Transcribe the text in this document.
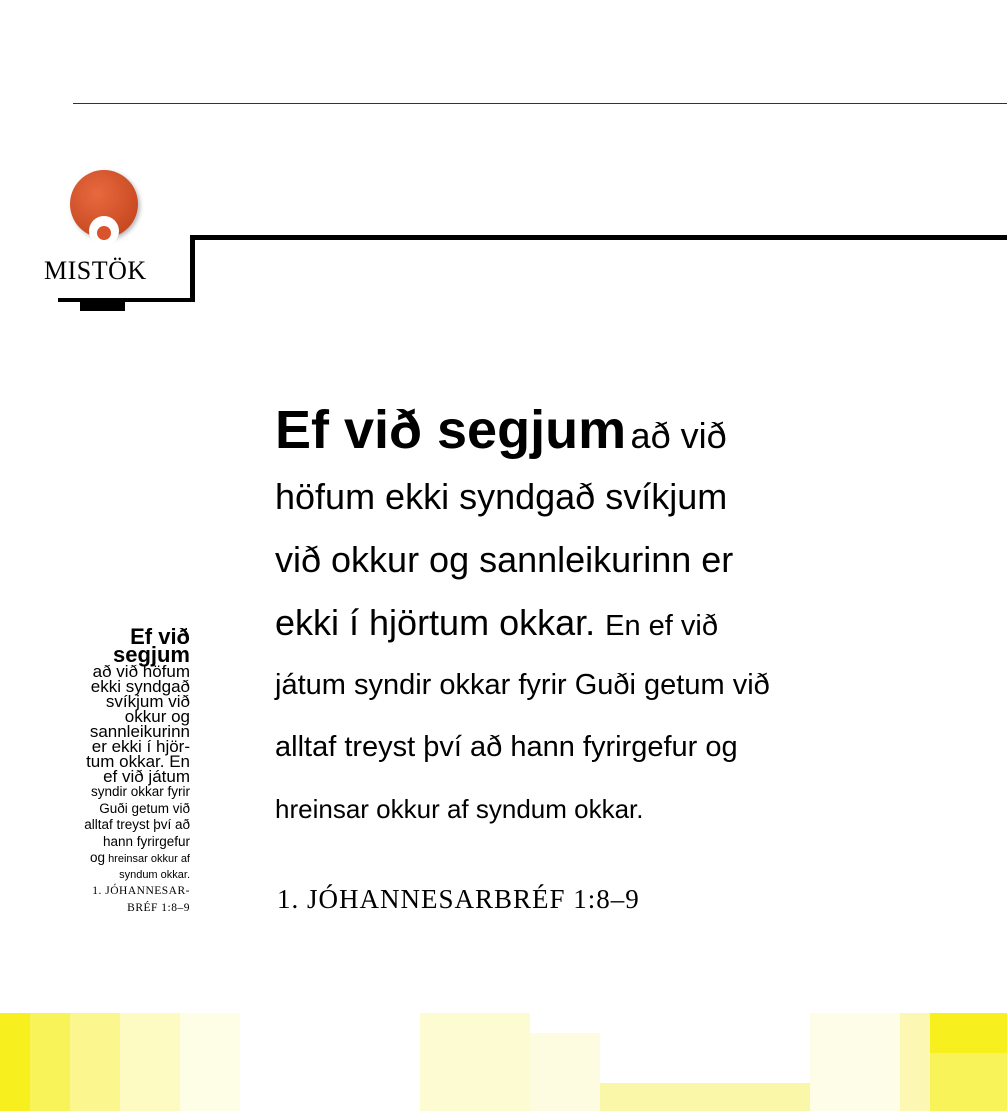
MISTÖK
Ef við segjum að við
höfum ekki syndgað svíkjum
við okkur og sannleikurinn er
ekki í hjörtum okkar. En ef við
játum syndir okkar fyrir Guði getum við
alltaf treyst því að hann fyrirgefur og
hreinsar okkur af syndum okkar.
1. JÓHANNESARBRÉF 1:8–9
Ef við
segjum
að við höfum
ekki syndgað
svíkjum við
okkur og
sannleikurinn
er ekki í hjör-
tum okkar. En
ef við játum
syndir okkar fyrir
Guði getum við
alltaf treyst því að
hann fyrirgefur
og hreinsar okkur af
syndum okkar.
1. JÓHANNESAR-
BRÉF 1:8–9
